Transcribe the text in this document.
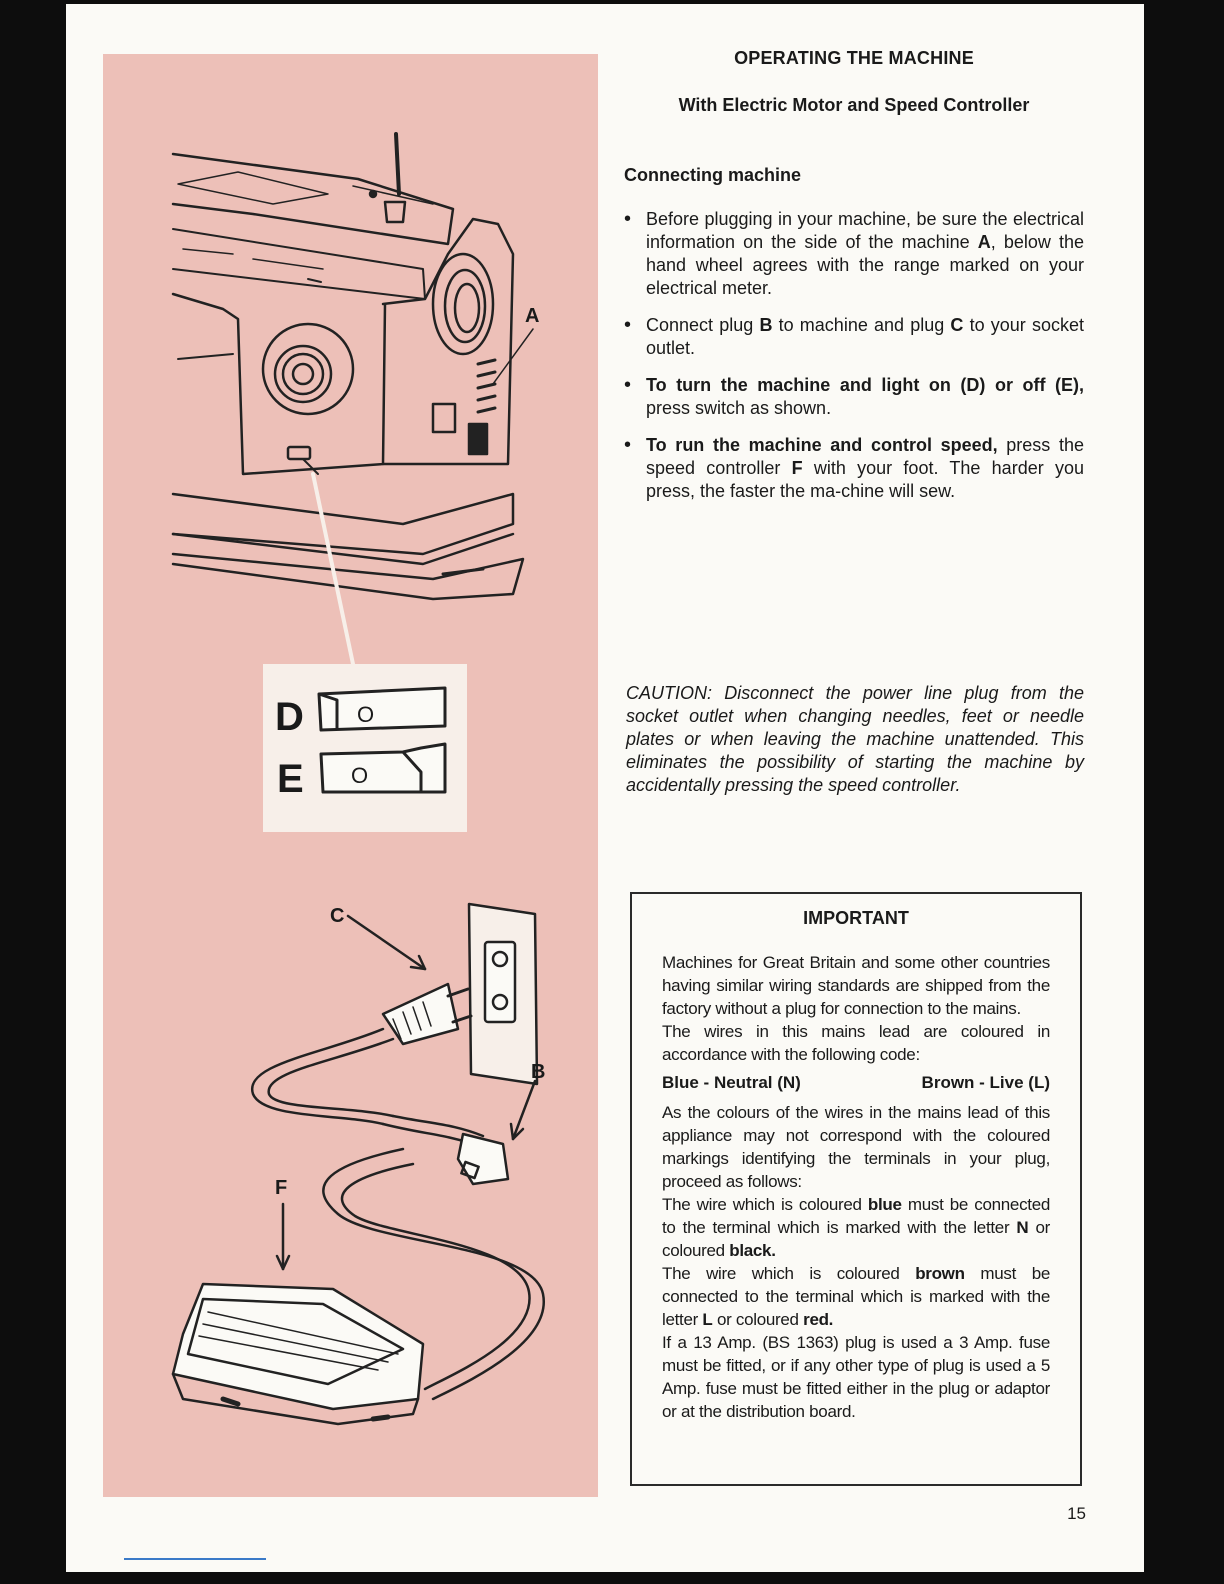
A
D
E
O
O
C
B
F
OPERATING THE MACHINE
With Electric Motor and Speed Controller
Connecting machine
• Before plugging in your machine, be sure the electrical information on the side of the machine A, below the hand wheel agrees with the range marked on your electrical meter.
• Connect plug B to machine and plug C to your socket outlet.
• To turn the machine and light on (D) or off (E), press switch as shown.
• To run the machine and control speed, press the speed controller F with your foot. The harder you press, the faster the ma-chine will sew.
CAUTION: Disconnect the power line plug from the socket outlet when changing needles, feet or needle plates or when leaving the machine unattended. This eliminates the possibility of starting the machine by accidentally pressing the speed controller.
IMPORTANT

Machines for Great Britain and some other countries having similar wiring standards are shipped from the factory without a plug for connection to the mains.

The wires in this mains lead are coloured in accordance with the following code:

Blue - Neutral (N)	Brown - Live (L)

As the colours of the wires in the mains lead of this appliance may not correspond with the coloured markings identifying the terminals in your plug, proceed as follows:

The wire which is coloured blue must be connected to the terminal which is marked with the letter N or coloured black.

The wire which is coloured brown must be connected to the terminal which is marked with the letter L or coloured red.

If a 13 Amp. (BS 1363) plug is used a 3 Amp. fuse must be fitted, or if any other type of plug is used a 5 Amp. fuse must be fitted either in the plug or adaptor or at the distribution board.

15
